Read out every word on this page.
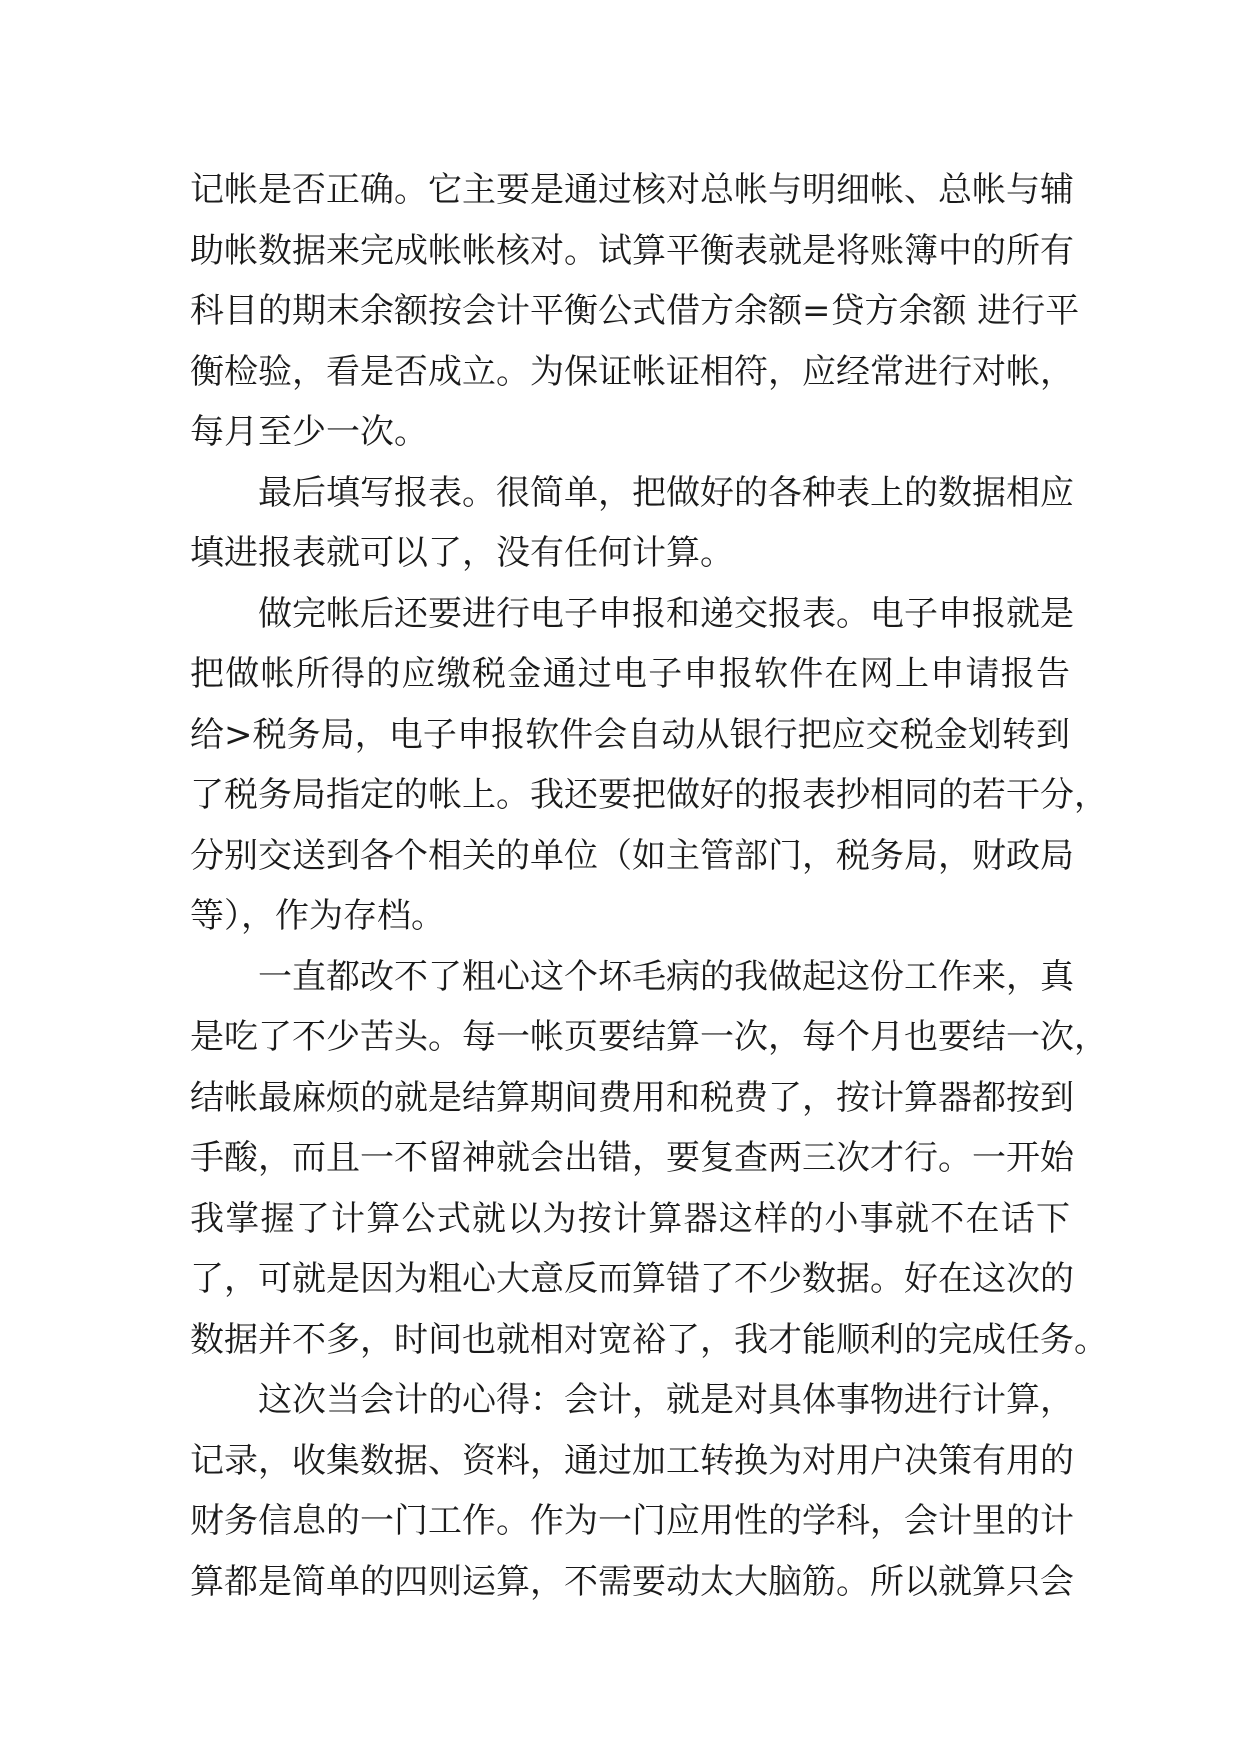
记帐是否正确。它主要是通过核对总帐与明细帐、总帐与辅
助帐数据来完成帐帐核对。试算平衡表就是将账簿中的所有
科目的期末余额按会计平衡公式借方余额=贷方余额 进行平
衡检验，看是否成立。为保证帐证相符，应经常进行对帐，
每月至少一次。
最后填写报表。很简单，把做好的各种表上的数据相应
填进报表就可以了，没有任何计算。
做完帐后还要进行电子申报和递交报表。电子申报就是
把做帐所得的应缴税金通过电子申报软件在网上申请报告
给>税务局，电子申报软件会自动从银行把应交税金划转到
了税务局指定的帐上。我还要把做好的报表抄相同的若干分，
分别交送到各个相关的单位（如主管部门，税务局，财政局
等），作为存档。
一直都改不了粗心这个坏毛病的我做起这份工作来，真
是吃了不少苦头。每一帐页要结算一次，每个月也要结一次，
结帐最麻烦的就是结算期间费用和税费了，按计算器都按到
手酸，而且一不留神就会出错，要复查两三次才行。一开始
我掌握了计算公式就以为按计算器这样的小事就不在话下
了，可就是因为粗心大意反而算错了不少数据。好在这次的
数据并不多，时间也就相对宽裕了，我才能顺利的完成任务。
这次当会计的心得：会计，就是对具体事物进行计算，
记录，收集数据、资料，通过加工转换为对用户决策有用的
财务信息的一门工作。作为一门应用性的学科，会计里的计
算都是简单的四则运算，不需要动太大脑筋。所以就算只会
